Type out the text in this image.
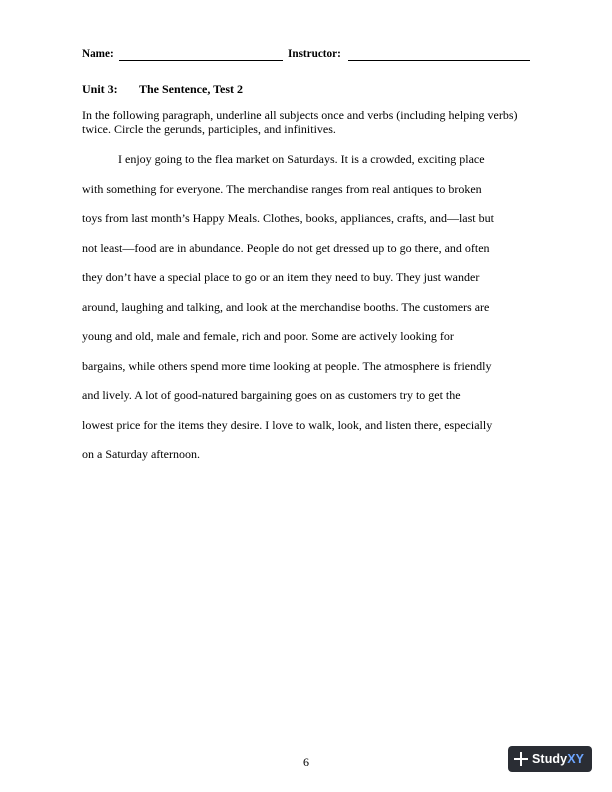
Name:	Instructor:
Unit 3: The Sentence, Test 2
In the following paragraph, underline all subjects once and verbs (including helping verbs) twice. Circle the gerunds, participles, and infinitives.
I enjoy going to the flea market on Saturdays. It is a crowded, exciting place
with something for everyone. The merchandise ranges from real antiques to broken
toys from last month’s Happy Meals. Clothes, books, appliances, crafts, and—last but
not least—food are in abundance. People do not get dressed up to go there, and often
they don’t have a special place to go or an item they need to buy. They just wander
around, laughing and talking, and look at the merchandise booths. The customers are
young and old, male and female, rich and poor. Some are actively looking for
bargains, while others spend more time looking at people. The atmosphere is friendly
and lively. A lot of good-natured bargaining goes on as customers try to get the
lowest price for the items they desire. I love to walk, look, and listen there, especially
on a Saturday afternoon.
6	StudyXY
